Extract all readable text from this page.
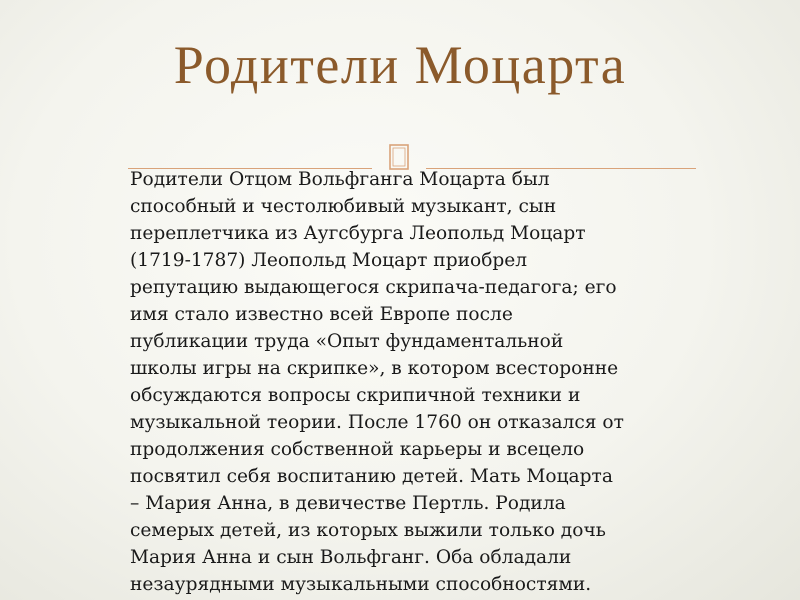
Родители Моцарта

Родители Отцом Вольфганга Моцарта был
способный и честолюбивый музыкант, сын
переплетчика из Аугсбурга Леопольд Моцарт
(1719-1787) Леопольд Моцарт приобрел
репутацию выдающегося скрипача-педагога; его
имя стало известно всей Европе после
публикации труда «Опыт фундаментальной
школы игры на скрипке», в котором всесторонне
обсуждаются вопросы скрипичной техники и
музыкальной теории. После 1760 он отказался от
продолжения собственной карьеры и всецело
посвятил себя воспитанию детей. Мать Моцарта
– Мария Анна, в девичестве Пертль. Родила
семерых детей, из которых выжили только дочь
Мария Анна и сын Вольфганг. Оба обладали
незаурядными музыкальными способностями.
